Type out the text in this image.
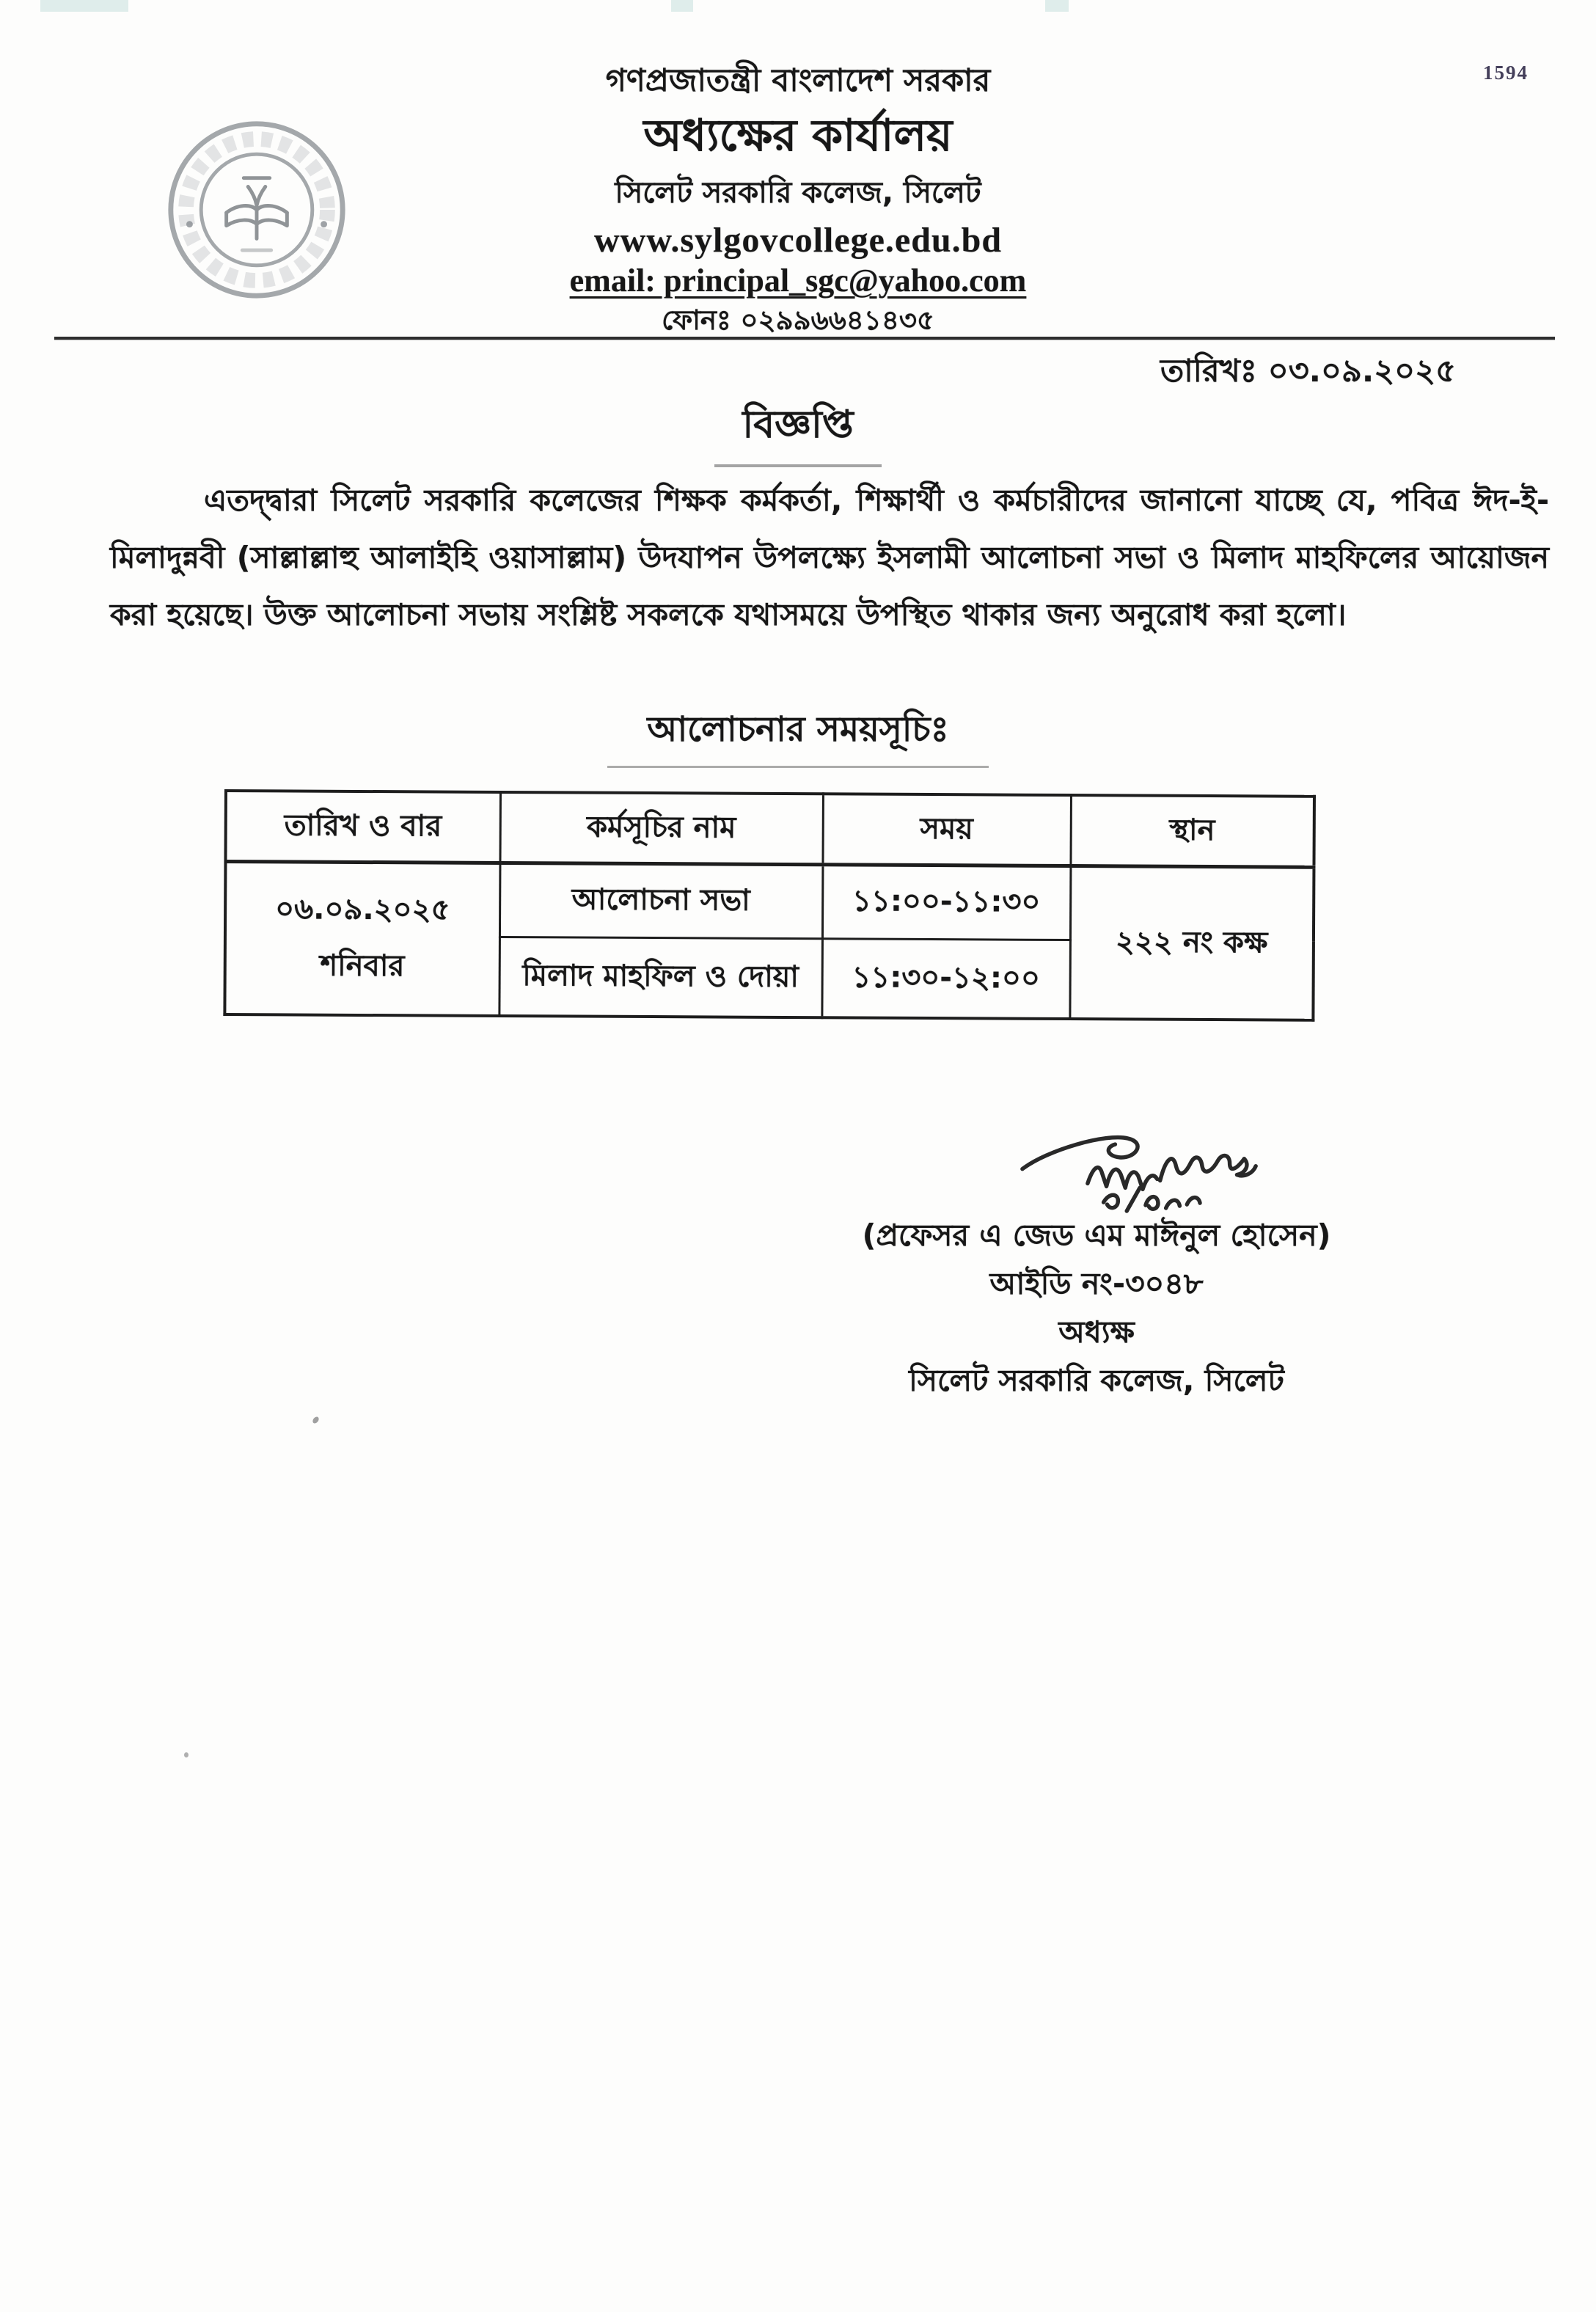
1594
গণপ্রজাতন্ত্রী বাংলাদেশ সরকার
অধ্যক্ষের কার্যালয়
সিলেট সরকারি কলেজ, সিলেট
www.sylgovcollege.edu.bd
email: principal_sgc@yahoo.com
ফোনঃ ০২৯৯৬৬৪১৪৩৫
তারিখঃ ০৩.০৯.২০২৫
বিজ্ঞপ্তি
এতদ্দ্বারা সিলেট সরকারি কলেজের শিক্ষক কর্মকর্তা, শিক্ষার্থী ও কর্মচারীদের জানানো যাচ্ছে যে, পবিত্র ঈদ-ই-মিলাদুন্নবী (সাল্লাল্লাহু আলাইহি ওয়াসাল্লাম) উদযাপন উপলক্ষ্যে ইসলামী আলোচনা সভা ও মিলাদ মাহফিলের আয়োজন করা হয়েছে। উক্ত আলোচনা সভায় সংশ্লিষ্ট সকলকে যথাসময়ে উপস্থিত থাকার জন্য অনুরোধ করা হলো।
আলোচনার সময়সূচিঃ
তারিখ ও বার	কর্মসূচির নাম	সময়	স্থান

০৬.০৯.২০২৫
শনিবার	আলোচনা সভা	১১:০০-১১:৩০	২২২ নং কক্ষ
	মিলাদ মাহফিল ও দোয়া	১১:৩০-১২:০০	
(প্রফেসর এ জেড এম মাঈনুল হোসেন)
আইডি নং-৩০৪৮
অধ্যক্ষ
সিলেট সরকারি কলেজ, সিলেট
